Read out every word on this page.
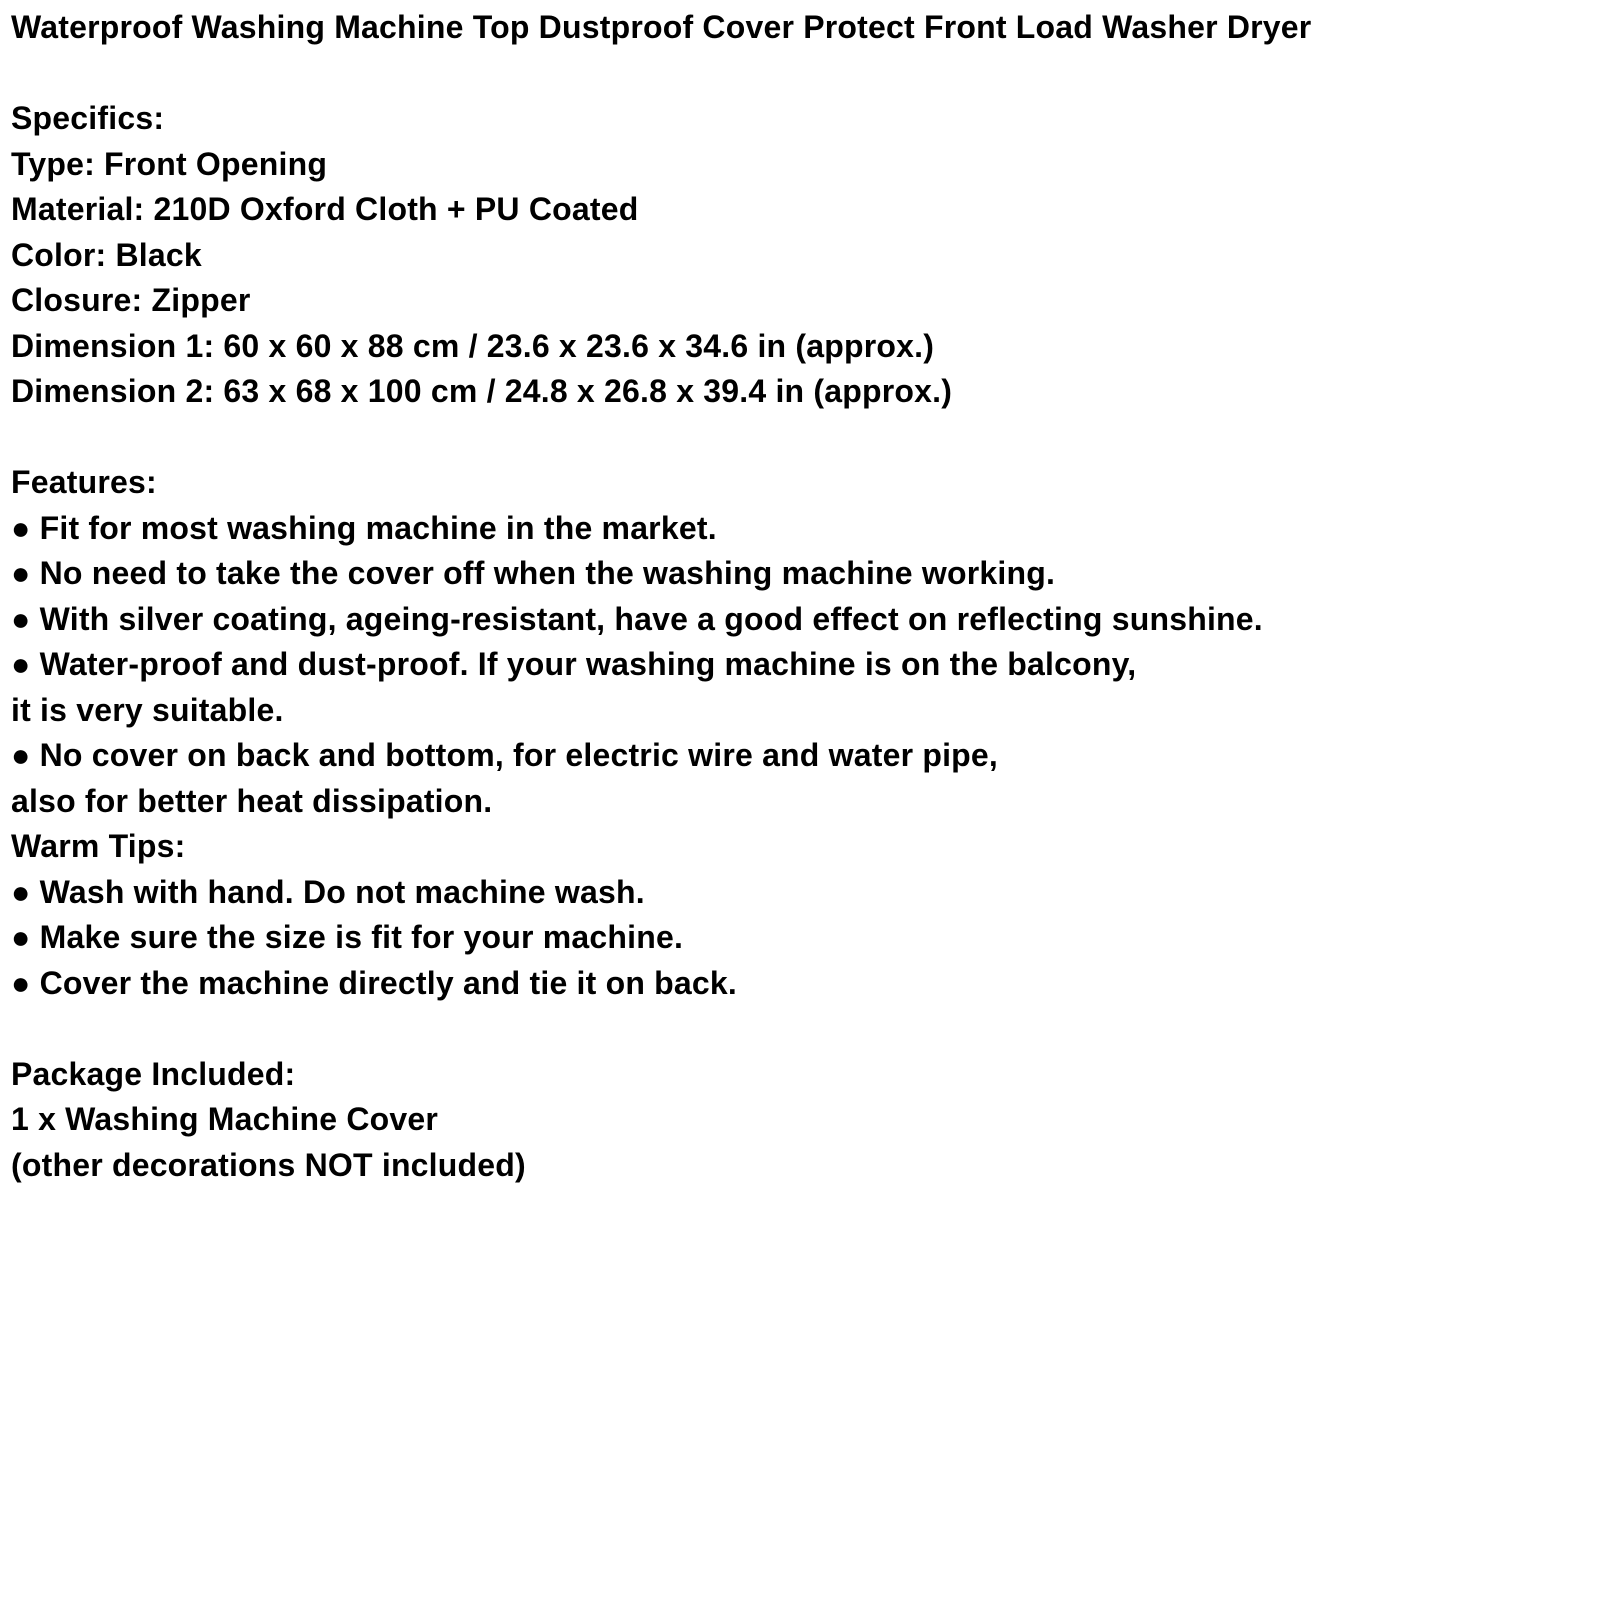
Waterproof Washing Machine Top Dustproof Cover Protect Front Load Washer Dryer
Specifics:
Type: Front Opening
Material: 210D Oxford Cloth + PU Coated
Color: Black
Closure: Zipper
Dimension 1: 60 x 60 x 88 cm / 23.6 x 23.6 x 34.6 in (approx.)
Dimension 2: 63 x 68 x 100 cm / 24.8 x 26.8 x 39.4 in (approx.)
Features:
● Fit for most washing machine in the market.
● No need to take the cover off when the washing machine working.
● With silver coating, ageing-resistant, have a good effect on reflecting sunshine.
● Water-proof and dust-proof. If your washing machine is on the balcony,
it is very suitable.
● No cover on back and bottom, for electric wire and water pipe,
also for better heat dissipation.
Warm Tips:
● Wash with hand. Do not machine wash.
● Make sure the size is fit for your machine.
● Cover the machine directly and tie it on back.
Package Included:
1 x Washing Machine Cover
(other decorations NOT included)
